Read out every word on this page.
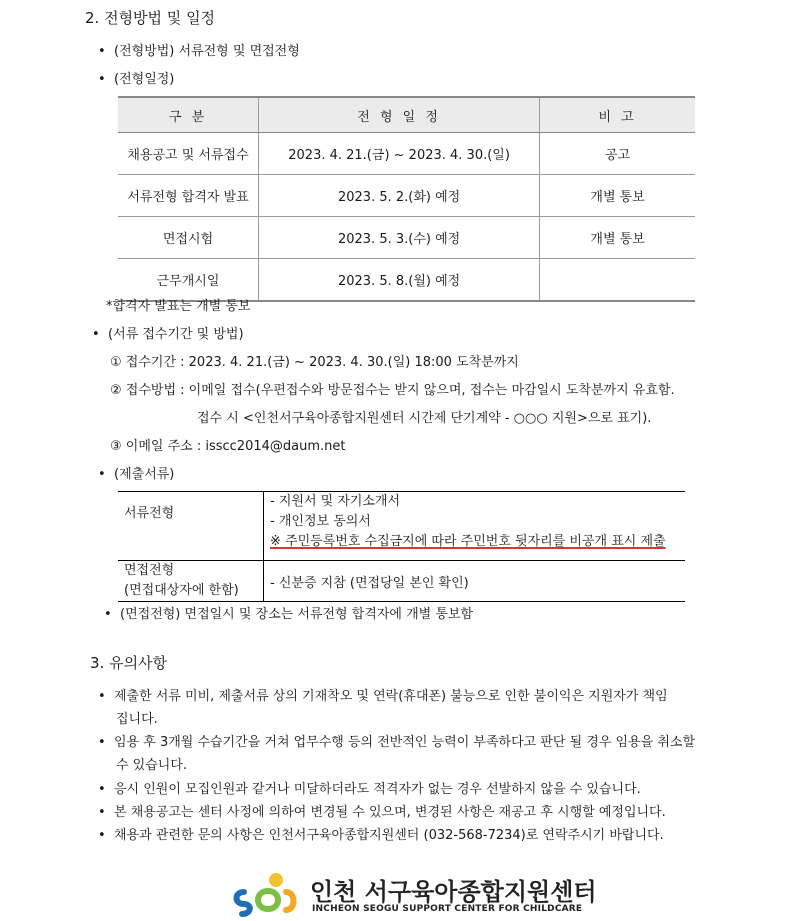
2. 전형방법 및 일정
• (전형방법) 서류전형 및 면접전형
• (전형일정)
구 분	전 형 일 정	비 고
채용공고 및 서류접수	2023. 4. 21.(금) ~ 2023. 4. 30.(일)	공고
서류전형 합격자 발표	2023. 5. 2.(화) 예정	개별 통보
면접시험	2023. 5. 3.(수) 예정	개별 통보
근무개시일	2023. 5. 8.(월) 예정	
*합격자 발표는 개별 통보
• (서류 접수기간 및 방법)
① 접수기간 : 2023. 4. 21.(금) ~ 2023. 4. 30.(일) 18:00 도착분까지
② 접수방법 : 이메일 접수(우편접수와 방문접수는 받지 않으며, 접수는 마감일시 도착분까지 유효함.
접수 시 <인천서구육아종합지원센터 시간제 단기계약 - ○○○ 지원>으로 표기).
③ 이메일 주소 : isscc2014@daum.net
• (제출서류)
서류전형	- 지원서 및 자기소개서
- 개인정보 동의서
※ 주민등록번호 수집금지에 따라 주민번호 뒷자리를 비공개 표시 제출

면접전형
(면접대상자에 한함)	- 신분증 지참 (면접당일 본인 확인)
• (면접전형) 면접일시 및 장소는 서류전형 합격자에 개별 통보함
3. 유의사항
• 제출한 서류 미비, 제출서류 상의 기재착오 및 연락(휴대폰) 불능으로 인한 불이익은 지원자가 책임
집니다.
• 임용 후 3개월 수습기간을 거쳐 업무수행 등의 전반적인 능력이 부족하다고 판단 될 경우 임용을 취소할
수 있습니다.
• 응시 인원이 모집인원과 같거나 미달하더라도 적격자가 없는 경우 선발하지 않을 수 있습니다.
• 본 채용공고는 센터 사정에 의하여 변경될 수 있으며, 변경된 사항은 재공고 후 시행할 예정입니다.
• 채용과 관련한 문의 사항은 인천서구육아종합지원센터 (032-568-7234)로 연락주시기 바랍니다.
인천 서구육아종합지원센터
INCHEON SEOGU SUPPORT CENTER FOR CHILDCARE
